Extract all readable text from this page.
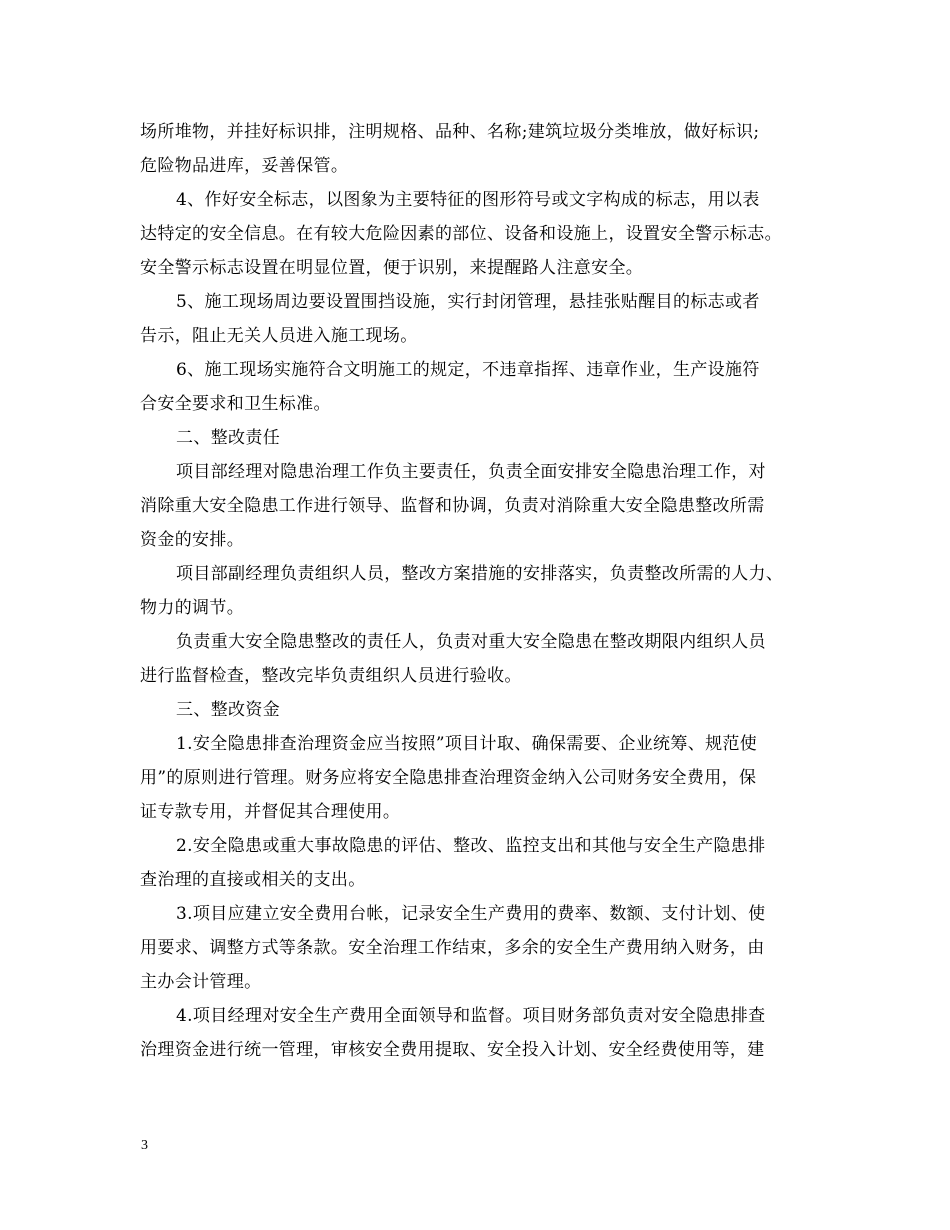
场所堆物，并挂好标识排，注明规格、品种、名称;建筑垃圾分类堆放，做好标识;
危险物品进库，妥善保管。
4、作好安全标志，以图象为主要特征的图形符号或文字构成的标志，用以表
达特定的安全信息。在有较大危险因素的部位、设备和设施上，设置安全警示标志。
安全警示标志设置在明显位置，便于识别，来提醒路人注意安全。
5、施工现场周边要设置围挡设施，实行封闭管理，悬挂张贴醒目的标志或者
告示，阻止无关人员进入施工现场。
6、施工现场实施符合文明施工的规定，不违章指挥、违章作业，生产设施符
合安全要求和卫生标准。
二、整改责任
项目部经理对隐患治理工作负主要责任，负责全面安排安全隐患治理工作，对
消除重大安全隐患工作进行领导、监督和协调，负责对消除重大安全隐患整改所需
资金的安排。
项目部副经理负责组织人员，整改方案措施的安排落实，负责整改所需的人力、
物力的调节。
负责重大安全隐患整改的责任人，负责对重大安全隐患在整改期限内组织人员
进行监督检查，整改完毕负责组织人员进行验收。
三、整改资金
1.安全隐患排查治理资金应当按照”项目计取、确保需要、企业统筹、规范使
用”的原则进行管理。财务应将安全隐患排查治理资金纳入公司财务安全费用，保
证专款专用，并督促其合理使用。
2.安全隐患或重大事故隐患的评估、整改、监控支出和其他与安全生产隐患排
查治理的直接或相关的支出。
3.项目应建立安全费用台帐，记录安全生产费用的费率、数额、支付计划、使
用要求、调整方式等条款。安全治理工作结束，多余的安全生产费用纳入财务，由
主办会计管理。
4.项目经理对安全生产费用全面领导和监督。项目财务部负责对安全隐患排查
治理资金进行统一管理，审核安全费用提取、安全投入计划、安全经费使用等，建
3
